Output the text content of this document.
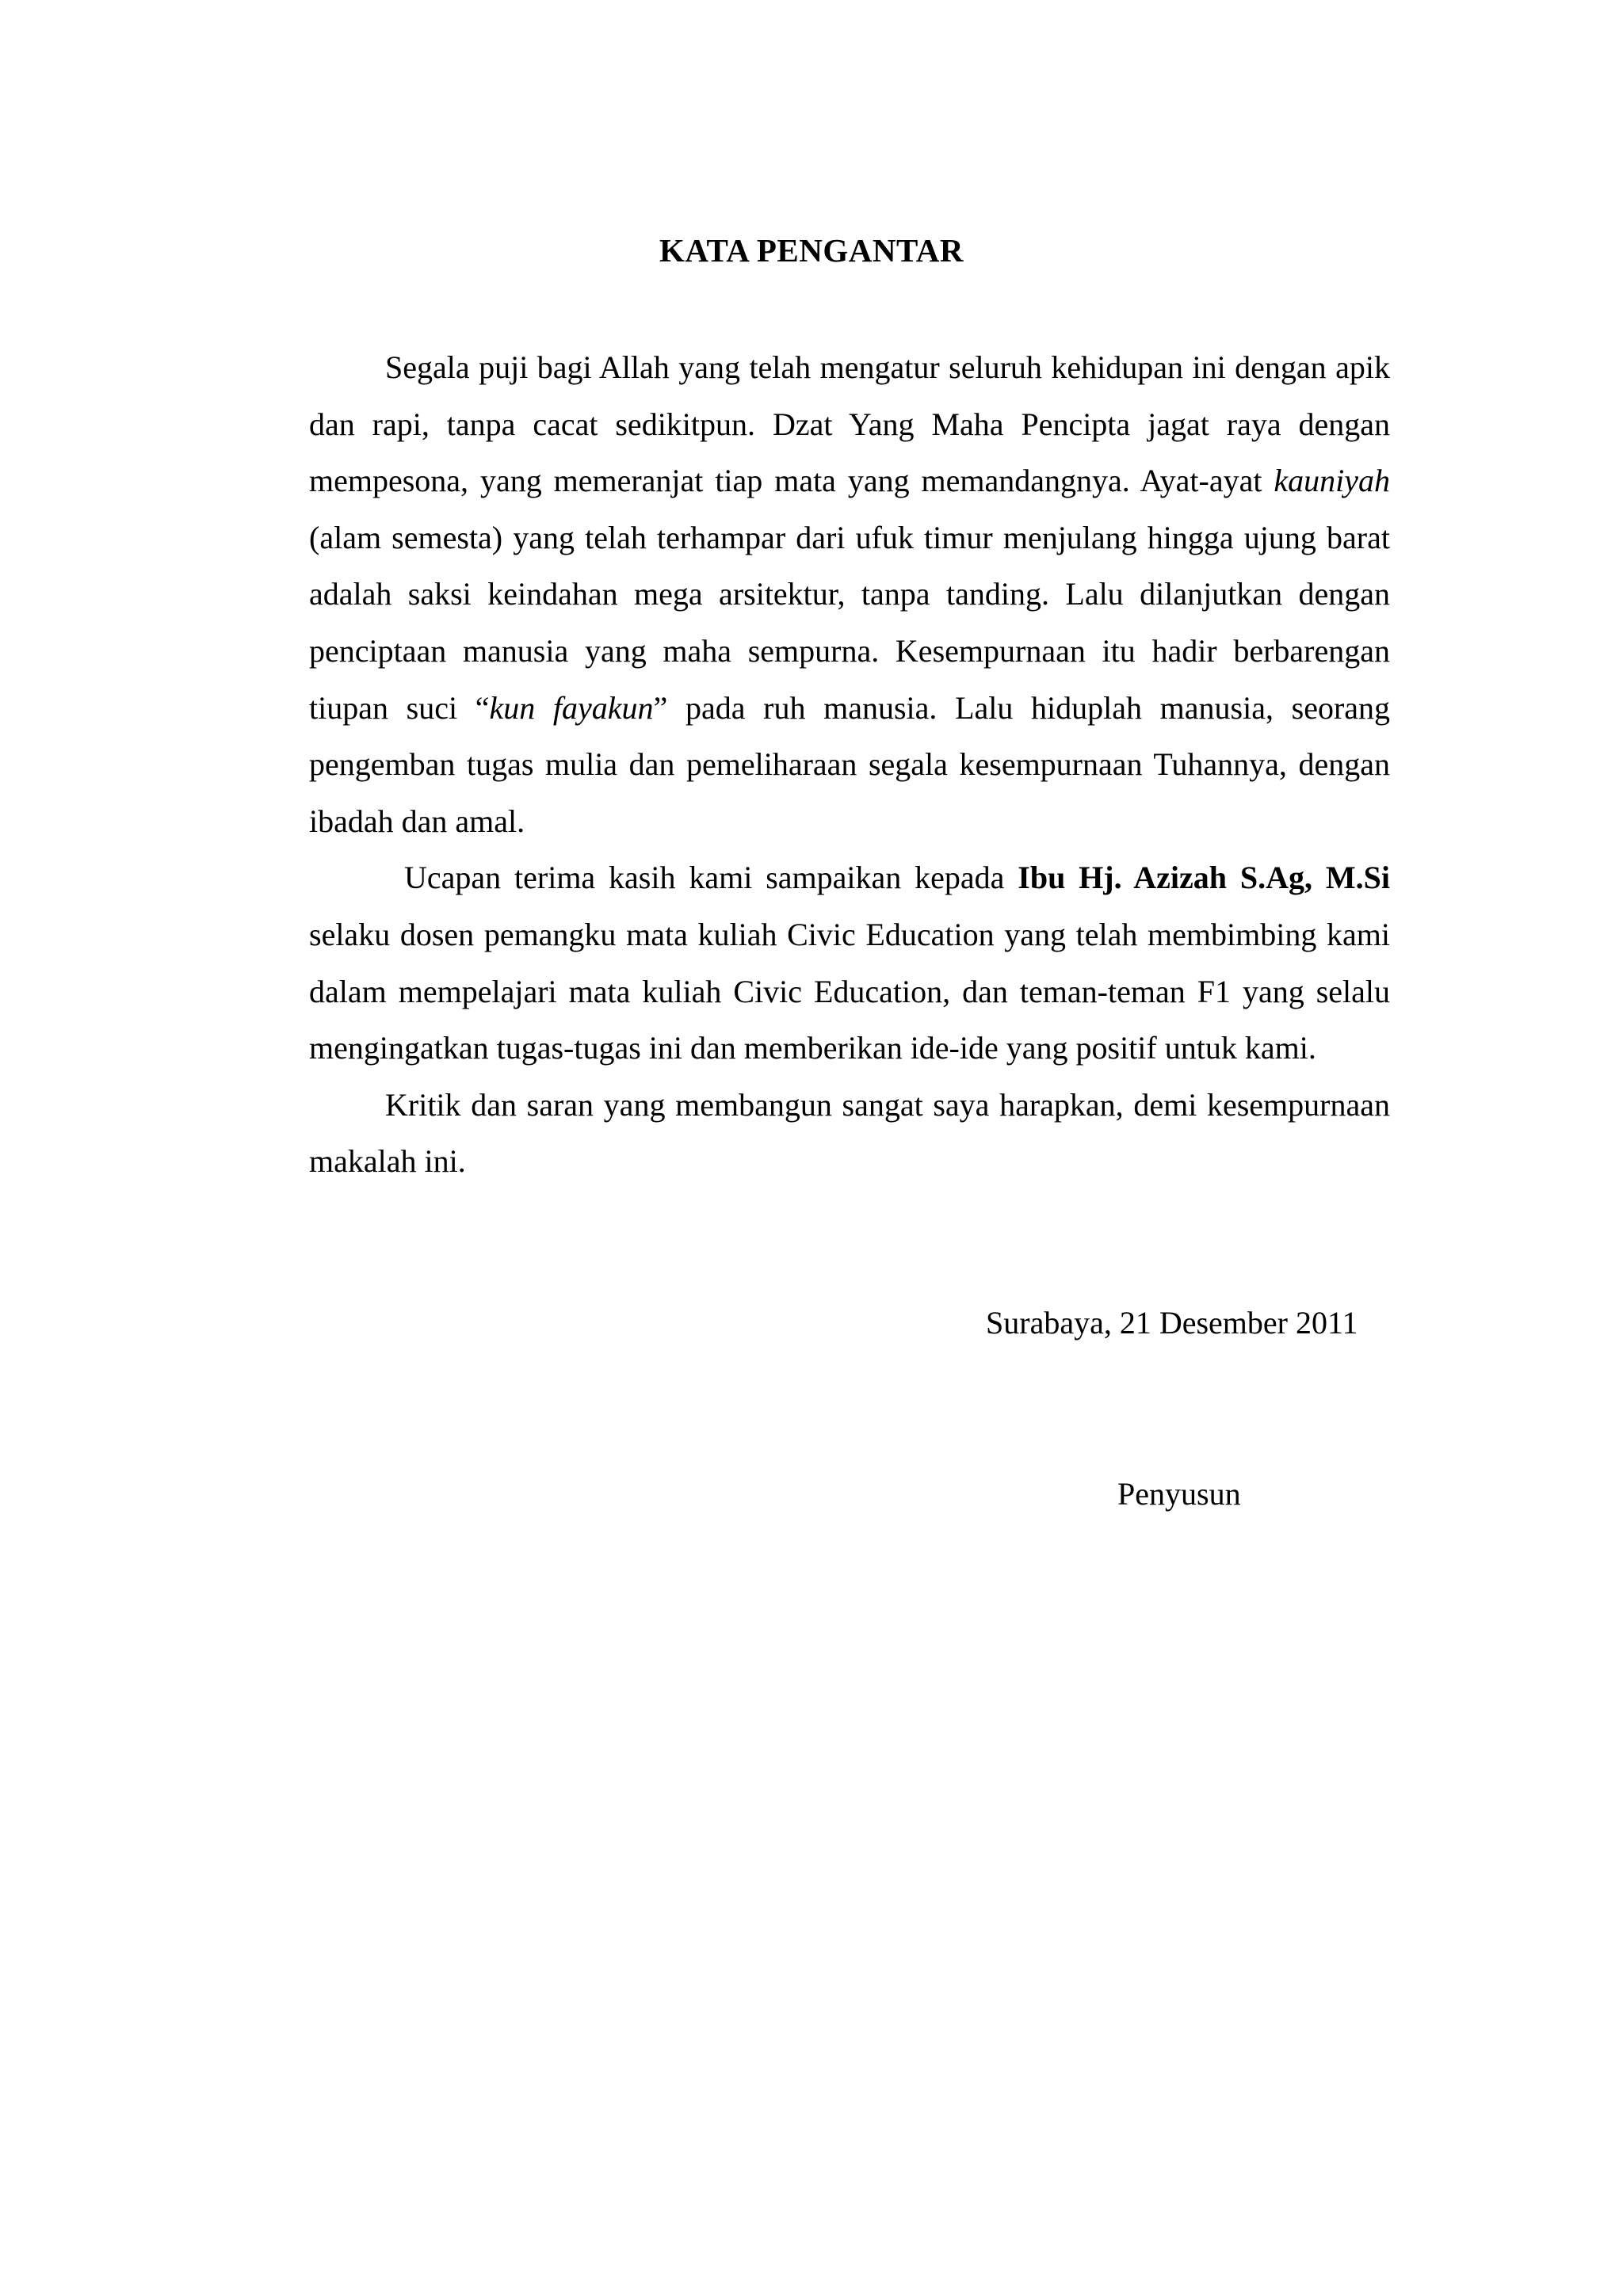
KATA PENGANTAR

Segala puji bagi Allah yang telah mengatur seluruh kehidupan ini dengan apik dan rapi, tanpa cacat sedikitpun. Dzat Yang Maha Pencipta jagat raya dengan mempesona, yang memeranjat tiap mata yang memandangnya. Ayat-ayat kauniyah (alam semesta) yang telah terhampar dari ufuk timur menjulang hingga ujung barat adalah saksi keindahan mega arsitektur, tanpa tanding. Lalu dilanjutkan dengan penciptaan manusia yang maha sempurna. Kesempurnaan itu hadir berbarengan tiupan suci “kun fayakun” pada ruh manusia. Lalu hiduplah manusia, seorang pengemban tugas mulia dan pemeliharaan segala kesempurnaan Tuhannya, dengan ibadah dan amal.

Ucapan terima kasih kami sampaikan kepada Ibu Hj. Azizah S.Ag, M.Si selaku dosen pemangku mata kuliah Civic Education yang telah membimbing kami dalam mempelajari mata kuliah Civic Education, dan teman-teman F1 yang selalu mengingatkan tugas-tugas ini dan memberikan ide-ide yang positif untuk kami.

Kritik dan saran yang membangun sangat saya harapkan, demi kesempurnaan makalah ini.

Surabaya, 21 Desember 2011

Penyusun
